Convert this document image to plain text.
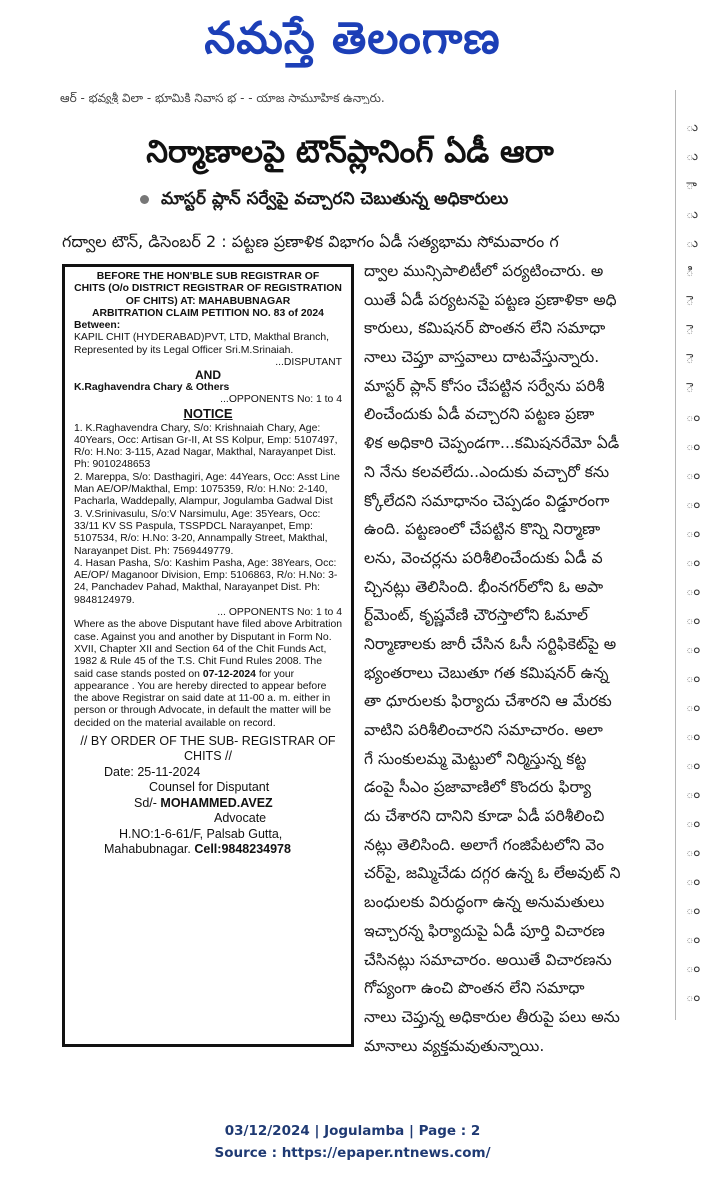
నమస్తే తెలంగాణ
ఆర్ - భవ్యశ్రీ విలా - భూమికి నివాస భ - - యాజ సామూహిక ఉన్నారు.
ు
ు
ా
ు
ు
ి
ె
ె
ె
ె
ం
ం
ం
ం
ం
ం
ం
ం
ం
ం
ం
ం
ం
ం
ం
ం
ం
ం
ం
ం
ం
నిర్మాణాలపై టౌన్‌ప్లానింగ్ ఏడీ ఆరా
మాస్టర్ ప్లాన్ సర్వేపై వచ్చారని చెబుతున్న అధికారులు
గద్వాల టౌన్, డిసెంబర్ 2 : పట్టణ ప్రణాళిక విభాగం ఏడీ సత్యభామ సోమవారం గ
ద్వాల మున్సిపాలిటీలో పర్యటించారు. అ
యితే ఏడీ పర్యటనపై పట్టణ ప్రణాళికా అధి
కారులు, కమిషనర్ పొంతన లేని సమాధా
నాలు చెప్తూ వాస్తవాలు దాటవేస్తున్నారు.
మాస్టర్ ప్లాన్ కోసం చేపట్టిన సర్వేను పరిశీ
లించేందుకు ఏడీ వచ్చారని పట్టణ ప్రణా
ళిక అధికారి చెప్పండగా...కమిషనరేమో ఏడీ
ని నేను కలవలేదు..ఎందుకు వచ్చారో కను
క్కోలేదని సమాధానం చెప్పడం విడ్డూరంగా
ఉంది. పట్టణంలో చేపట్టిన కొన్ని నిర్మాణా
లను, వెంచర్లను పరిశీలించేందుకు ఏడీ వ
చ్చినట్లు తెలిసింది. భీంనగర్‌లోని ఓ అపా
ర్ట్‌మెంట్, కృష్ణవేణి చౌరస్తాలోని ఓమాల్
నిర్మాణాలకు జారీ చేసిన ఓసీ సర్టిఫికెట్‌పై అ
భ్యంతరాలు చెబుతూ గత కమిషనర్ ఉన్న
తా ధూరులకు ఫిర్యాదు చేశారని ఆ మేరకు
వాటిని పరిశీలించారని సమాచారం. అలా
గే సుంకులమ్మ మెట్టులో నిర్మిస్తున్న కట్ట
డంపై సీఎం ప్రజావాణిలో కొందరు ఫిర్యా
దు చేశారని దానిని కూడా ఏడీ పరిశీలించి
నట్లు తెలిసింది. అలాగే గంజిపేటలోని వెం
చర్‌పై, జమ్మిచేడు దగ్గర ఉన్న ఓ లేఅవుట్ ని
బంధులకు విరుద్ధంగా ఉన్న అనుమతులు
ఇచ్చారన్న ఫిర్యాదుపై ఏడీ పూర్తి విచారణ
చేసినట్లు సమాచారం. అయితే విచారణను
గోప్యంగా ఉంచి పొంతన లేని సమాధా
నాలు చెప్తున్న అధికారుల తీరుపై పలు అను
మానాలు వ్యక్తమవుతున్నాయి.

BEFORE THE HON'BLE SUB REGISTRAR OF

CHITS (O/o DISTRICT REGISTRAR OF REGISTRATION

OF CHITS) AT: MAHABUBNAGAR

ARBITRATION CLAIM PETITION NO. 83 of 2024

Between:

KAPIL CHIT (HYDERABAD)PVT, LTD, Makthal Branch, Represented by its Legal Officer Sri.M.Srinaiah.

...DISPUTANT

AND

K.Raghavendra Chary & Others

...OPPONENTS No: 1 to 4

NOTICE

1. K.Raghavendra Chary, S/o: Krishnaiah Chary, Age: 40Years, Occ: Artisan Gr-II, At SS Kolpur, Emp: 5107497, R/o: H.No: 3-115, Azad Nagar, Makthal, Narayanpet Dist. Ph: 9010248653

2. Mareppa, S/o: Dasthagiri, Age: 44Years, Occ: Asst Line Man AE/OP/Makthal, Emp: 1075359, R/o: H.No: 2-140, Pacharla, Waddepally, Alampur, Jogulamba Gadwal Dist

3. V.Srinivasulu, S/o:V Narsimulu, Age: 35Years, Occ: 33/11 KV SS Paspula, TSSPDCL Narayanpet, Emp: 5107534, R/o: H.No: 3-20, Annampally Street, Makthal, Narayanpet Dist. Ph: 7569449779.

4. Hasan Pasha, S/o: Kashim Pasha, Age: 38Years, Occ: AE/OP/ Maganoor Division, Emp: 5106863, R/o: H.No: 3-24, Panchadev Pahad, Makthal, Narayanpet Dist. Ph: 9848124979.

... OPPONENTS No: 1 to 4

Where as the above Disputant have filed above Arbitration case. Against you and another by Disputant in Form No. XVII, Chapter XII and Section 64 of the Chit Funds Act, 1982 & Rule 45 of the T.S. Chit Fund Rules 2008. The said case stands posted on 07-12-2024 for your appearance . You are hereby directed to appear before the above Registrar on said date at 11-00 a. m. either in person or through Advocate, in default the matter will be decided on the material available on record.

// BY ORDER OF THE SUB- REGISTRAR OF CHITS //

Date: 25-11-2024

Counsel for Disputant

Sd/- MOHAMMED.AVEZ

Advocate

H.NO:1-6-61/F, Palsab Gutta,

Mahabubnagar. Cell:9848234978

03/12/2024 | Jogulamba | Page : 2
Source : https://epaper.ntnews.com/
